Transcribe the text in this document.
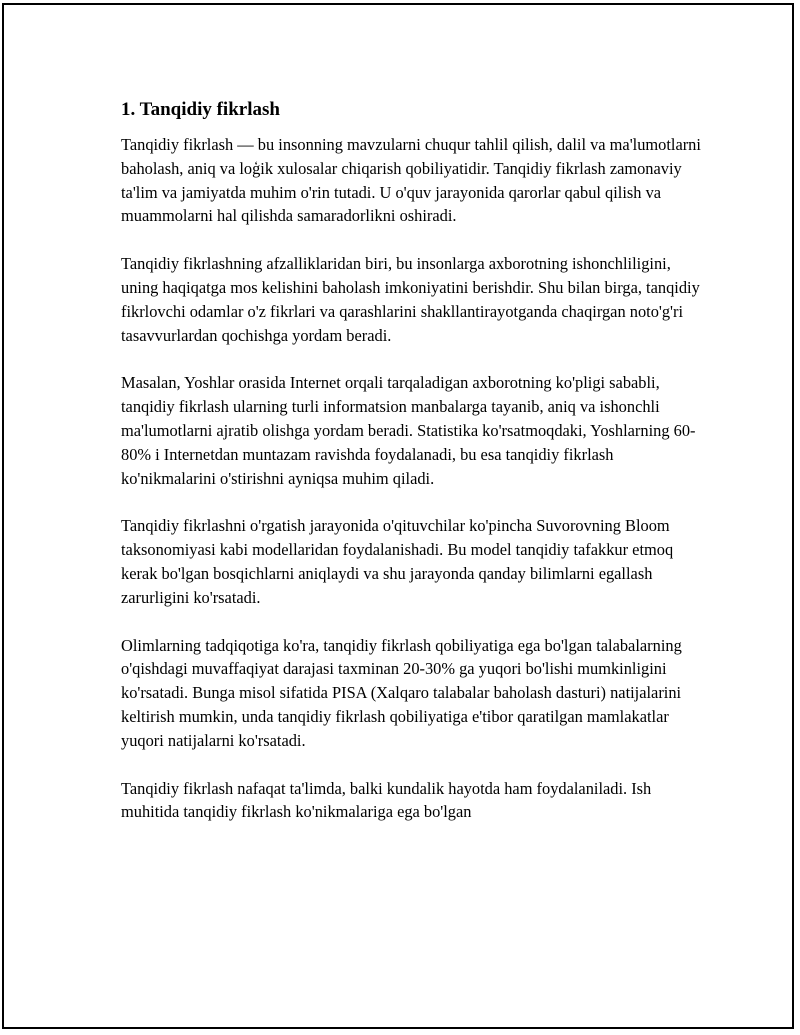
1. Tanqidiy fikrlash

Tanqidiy fikrlash — bu insonning mavzularni chuqur tahlil qilish, dalil va ma'lumotlarni baholash, aniq va loģik xulosalar chiqarish qobiliyatidir. Tanqidiy fikrlash zamonaviy ta'lim va jamiyatda muhim o'rin tutadi. U o'quv jarayonida qarorlar qabul qilish va muammolarni hal qilishda samaradorlikni oshiradi.

Tanqidiy fikrlashning afzalliklaridan biri, bu insonlarga axborotning ishonchliligini, uning haqiqatga mos kelishini baholash imkoniyatini berishdir. Shu bilan birga, tanqidiy fikrlovchi odamlar o'z fikrlari va qarashlarini shakllantirayotganda chaqirgan noto'g'ri tasavvurlardan qochishga yordam beradi.

Masalan, Yoshlar orasida Internet orqali tarqaladigan axborotning ko'pligi sababli, tanqidiy fikrlash ularning turli informatsion manbalarga tayanib, aniq va ishonchli ma'lumotlarni ajratib olishga yordam beradi. Statistika ko'rsatmoqdaki, Yoshlarning 60-80% i Internetdan muntazam ravishda foydalanadi, bu esa tanqidiy fikrlash ko'nikmalarini o'stirishni ayniqsa muhim qiladi.

Tanqidiy fikrlashni o'rgatish jarayonida o'qituvchilar ko'pincha Suvorovning Bloom taksonomiyasi kabi modellaridan foydalanishadi. Bu model tanqidiy tafakkur etmoq kerak bo'lgan bosqichlarni aniqlaydi va shu jarayonda qanday bilimlarni egallash zarurligini ko'rsatadi.

Olimlarning tadqiqotiga ko'ra, tanqidiy fikrlash qobiliyatiga ega bo'lgan talabalarning o'qishdagi muvaffaqiyat darajasi taxminan 20-30% ga yuqori bo'lishi mumkinligini ko'rsatadi. Bunga misol sifatida PISA (Xalqaro talabalar baholash dasturi) natijalarini keltirish mumkin, unda tanqidiy fikrlash qobiliyatiga e'tibor qaratilgan mamlakatlar yuqori natijalarni ko'rsatadi.

Tanqidiy fikrlash nafaqat ta'limda, balki kundalik hayotda ham foydalaniladi. Ish muhitida tanqidiy fikrlash ko'nikmalariga ega bo'lgan
